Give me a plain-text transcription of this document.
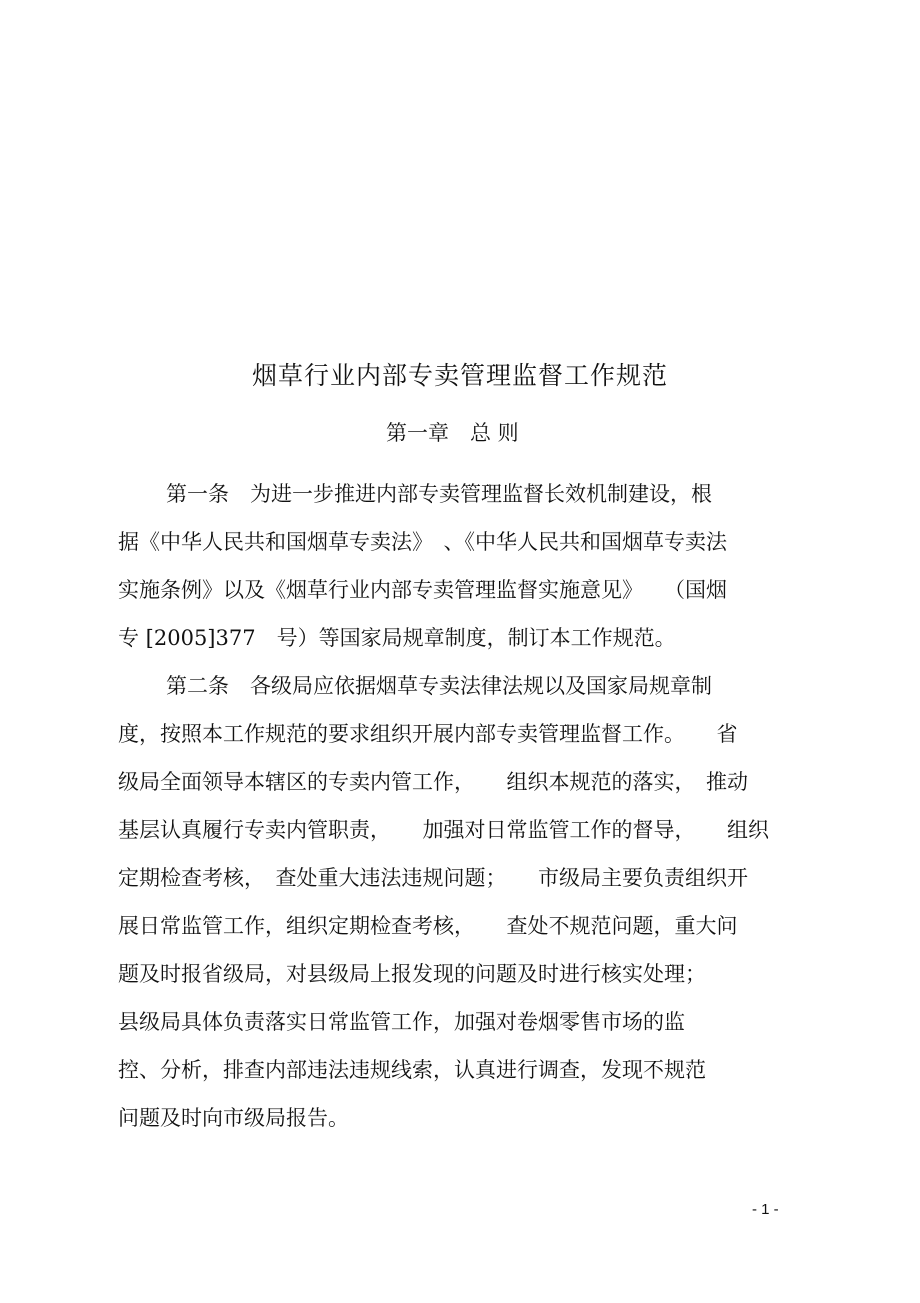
烟草行业内部专卖管理监督工作规范
第一章　总 则
第一条　为进一步推进内部专卖管理监督长效机制建设，根
据《中华人民共和国烟草专卖法》　、《中华人民共和国烟草专卖法
实施条例》以及《烟草行业内部专卖管理监督实施意见》　　（国烟
专 [2005]377　号）等国家局规章制度，制订本工作规范。
第二条　各级局应依据烟草专卖法律法规以及国家局规章制
度，按照本工作规范的要求组织开展内部专卖管理监督工作。　　省
级局全面领导本辖区的专卖内管工作，　　组织本规范的落实，　推动
基层认真履行专卖内管职责，　　加强对日常监管工作的督导，　　组织
定期检查考核，　查处重大违法违规问题；　　市级局主要负责组织开
展日常监管工作，组织定期检查考核，　　查处不规范问题，重大问
题及时报省级局，对县级局上报发现的问题及时进行核实处理；
县级局具体负责落实日常监管工作，加强对卷烟零售市场的监
控、分析，排查内部违法违规线索，认真进行调查，发现不规范
问题及时向市级局报告。
- 1 -
